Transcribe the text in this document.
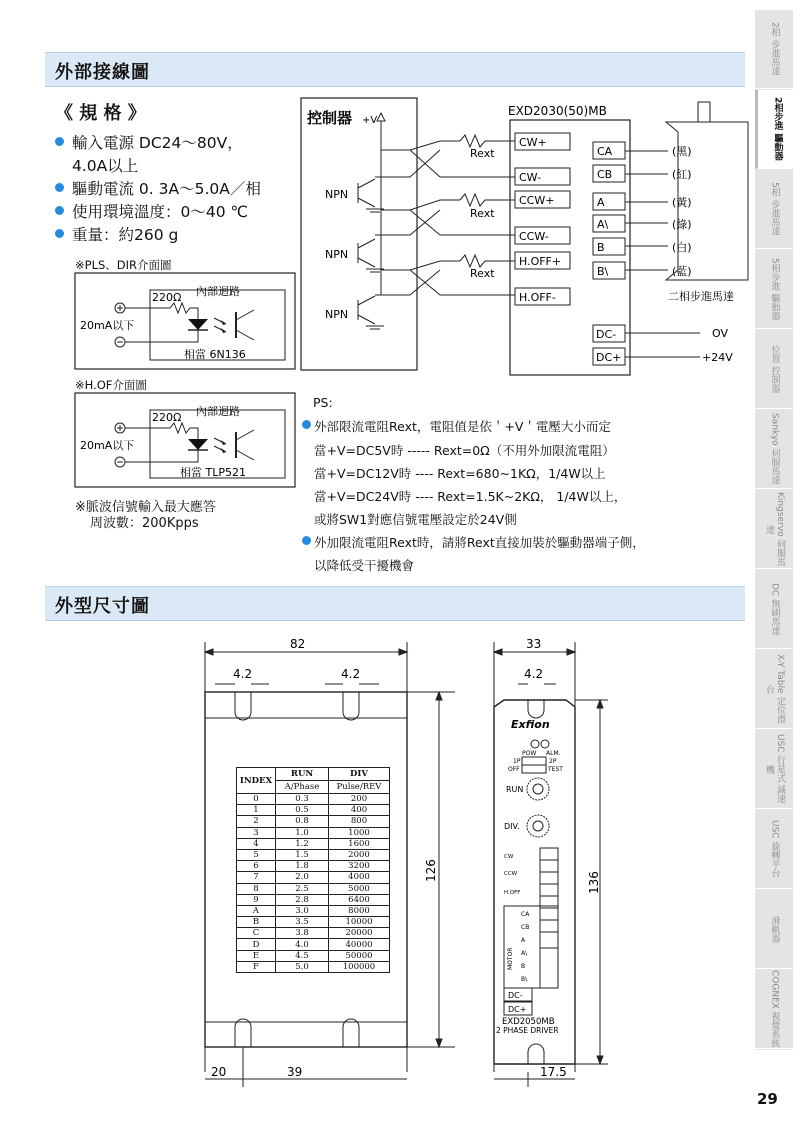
2相 步進馬達
2相步進 驅動器
5相 步進馬達
5相步進 驅動器
位置 控制器
Sankyo 伺服馬達
Kingservo 伺服馬達
DC 無刷馬達
X-Y Table 定位滑台
USC 行星式 減速機
USC 旋轉平台
滑軌器
COGNEX 視覺系統
外部接線圖
外型尺寸圖
《 規 格 》
輸入電源 DC24～80V，
4.0A以上
驅動電流 0. 3A～5.0A／相
使用環境溫度：0～40 ℃
重量：約260 g
※PLS、DIR介面圖
220Ω 內部迴路
20mA以下
相當 6N136
※H.OF介面圖
220Ω 內部迴路
20mA以下
相當 TLP521
※脈波信號輸入最大應答
周波數：200Kpps
控制器 +V
EXD2030(50)MB
CW+
CW-
CCW+
CCW-
H.OFF+
H.OFF-
Rext
Rext
Rext
NPN
NPN
NPN
CA
CB
A
A\
B
B\
(黑)
(紅)
(黃)
(綠)
(白)
(藍)
二相步進馬達
DC-
DC+
OV
+24V
PS:
外部限流電阻Rext，電阻值是依＇+V＇電壓大小而定
當+V=DC5V時 ----- Rext=0Ω（不用外加限流電阻）
當+V=DC12V時 ---- Rext=680~1KΩ，1/4W以上
當+V=DC24V時 ---- Rext=1.5K~2KΩ， 1/4W以上，
或將SW1對應信號電壓設定於24V側
外加限流電阻Rext時，請將Rext直接加裝於驅動器端子側，
以降低受干擾機會
82
4.2	4.2
126
20	39
INDEX	RUN	DIV
	A/Phase	Pulse/REV
0	0.3	200
1	0.5	400
2	0.8	800
3	1.0	1000
4	1.2	1600
5	1.5	2000
6	1.8	3200
7	2.0	4000
8	2.5	5000
9	2.8	6400
A	3.0	8000
B	3.5	10000
C	3.8	20000
D	4.0	40000
E	4.5	50000
F	5.0	100000
33
4.2
136
17.5
Exfion
POW ALM.
1P
OFF
2P
TEST
RUN
DIV.
CW
CCW
H.OFF
MOTOR
CA
CB
A
A\
B
B\
DC-
DC+
EXD2050MB
2 PHASE DRIVER
29
